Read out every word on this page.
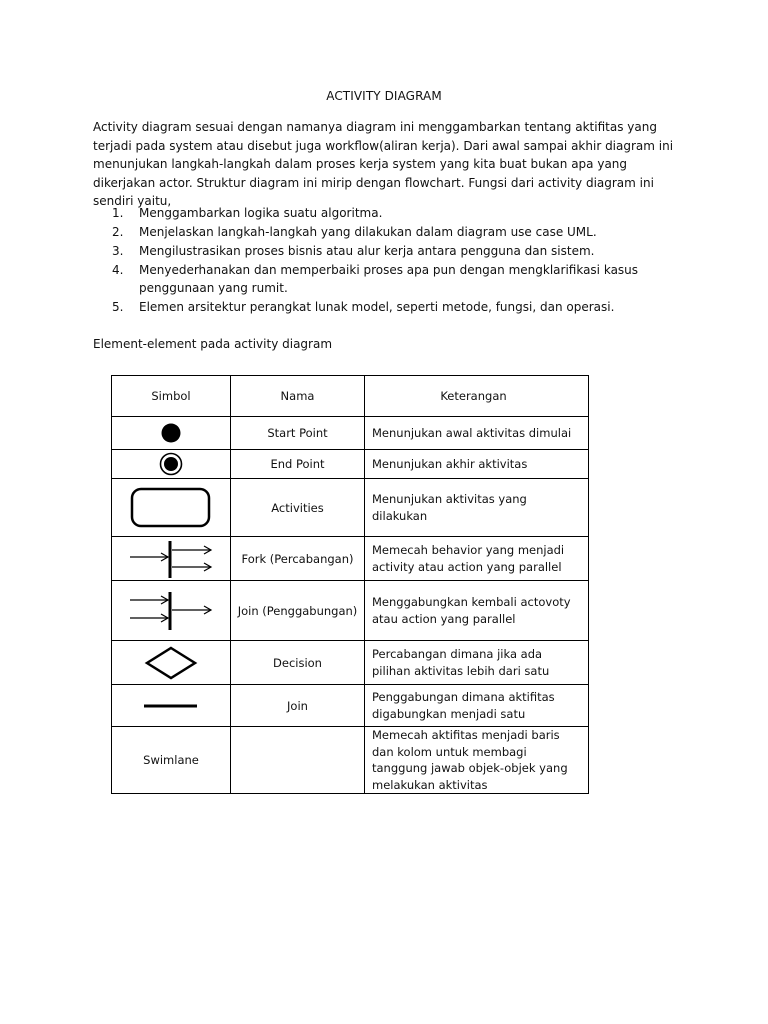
ACTIVITY DIAGRAM

Activity diagram sesuai dengan namanya diagram ini menggambarkan tentang aktifitas yang terjadi pada system atau disebut juga workflow(aliran kerja). Dari awal sampai akhir diagram ini menunjukan langkah-langkah dalam proses kerja system yang kita buat bukan apa yang dikerjakan actor. Struktur diagram ini mirip dengan flowchart. Fungsi dari activity diagram ini sendiri yaitu,

1. Menggambarkan logika suatu algoritma.
2. Menjelaskan langkah-langkah yang dilakukan dalam diagram use case UML.
3. Mengilustrasikan proses bisnis atau alur kerja antara pengguna dan sistem.
4. Menyederhanakan dan memperbaiki proses apa pun dengan mengklarifikasi kasus penggunaan yang rumit.
5. Elemen arsitektur perangkat lunak model, seperti metode, fungsi, dan operasi.
Element-element pada activity diagram
Simbol	Nama	Keterangan

	Start Point	Menunjukan awal aktivitas dimulai

	End Point	Menunjukan akhir aktivitas

	Activities	Menunjukan aktivitas yang dilakukan

	Fork (Percabangan)	Memecah behavior yang menjadi activity atau action yang parallel

	Join (Penggabungan)	Menggabungkan kembali actovoty atau action yang parallel

	Decision	Percabangan dimana jika ada pilihan aktivitas lebih dari satu

	Join	Penggabungan dimana aktifitas digabungkan menjadi satu
Swimlane		Memecah aktifitas menjadi baris dan kolom untuk membagi tanggung jawab objek-objek yang melakukan aktivitas
